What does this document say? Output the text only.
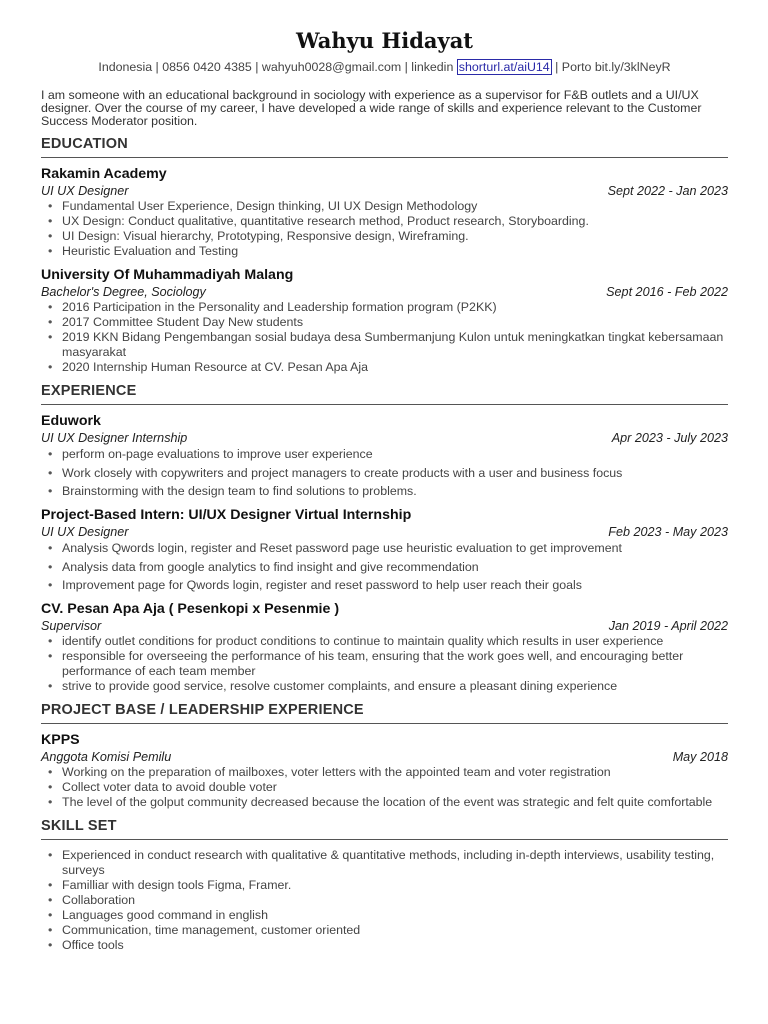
Wahyu Hidayat
Indonesia | 0856 0420 4385 | wahyuh0028@gmail.com | linkedin shorturl.at/aiU14 | Porto bit.ly/3klNeyR
I am someone with an educational background in sociology with experience as a supervisor for F&B outlets and a UI/UX designer. Over the course of my career, I have developed a wide range of skills and experience relevant to the Customer Success Moderator position.
EDUCATION
Rakamin Academy
UI UX Designer	Sept 2022 - Jan 2023
• Fundamental User Experience, Design thinking, UI UX Design Methodology
• UX Design: Conduct qualitative, quantitative research method, Product research, Storyboarding.
• UI Design: Visual hierarchy, Prototyping, Responsive design, Wireframing.
• Heuristic Evaluation and Testing
University Of Muhammadiyah Malang
Bachelor's Degree, Sociology	Sept 2016 - Feb 2022
• 2016 Participation in the Personality and Leadership formation program (P2KK)
• 2017 Committee Student Day New students
• 2019 KKN Bidang Pengembangan sosial budaya desa Sumbermanjung Kulon untuk meningkatkan tingkat kebersamaan masyarakat
• 2020 Internship Human Resource at CV. Pesan Apa Aja
EXPERIENCE
Eduwork
UI UX Designer Internship	Apr 2023 - July 2023
• perform on-page evaluations to improve user experience
• Work closely with copywriters and project managers to create products with a user and business focus
• Brainstorming with the design team to find solutions to problems.
Project-Based Intern: UI/UX Designer Virtual Internship
UI UX Designer	Feb 2023 - May 2023
• Analysis Qwords login, register and Reset password page use heuristic evaluation to get improvement
• Analysis data from google analytics to find insight and give recommendation
• Improvement page for Qwords login, register and reset password to help user reach their goals
CV. Pesan Apa Aja ( Pesenkopi x Pesenmie )
Supervisor	Jan 2019 - April 2022
• identify outlet conditions for product conditions to continue to maintain quality which results in user experience
• responsible for overseeing the performance of his team, ensuring that the work goes well, and encouraging better performance of each team member
• strive to provide good service, resolve customer complaints, and ensure a pleasant dining experience
PROJECT BASE / LEADERSHIP EXPERIENCE
KPPS
Anggota Komisi Pemilu	May 2018
• Working on the preparation of mailboxes, voter letters with the appointed team and voter registration
• Collect voter data to avoid double voter
• The level of the golput community decreased because the location of the event was strategic and felt quite comfortable
SKILL SET
• Experienced in conduct research with qualitative & quantitative methods, including in-depth interviews, usability testing, surveys
• Familliar with design tools Figma, Framer.
• Collaboration
• Languages good command in english
• Communication, time management, customer oriented
• Office tools
